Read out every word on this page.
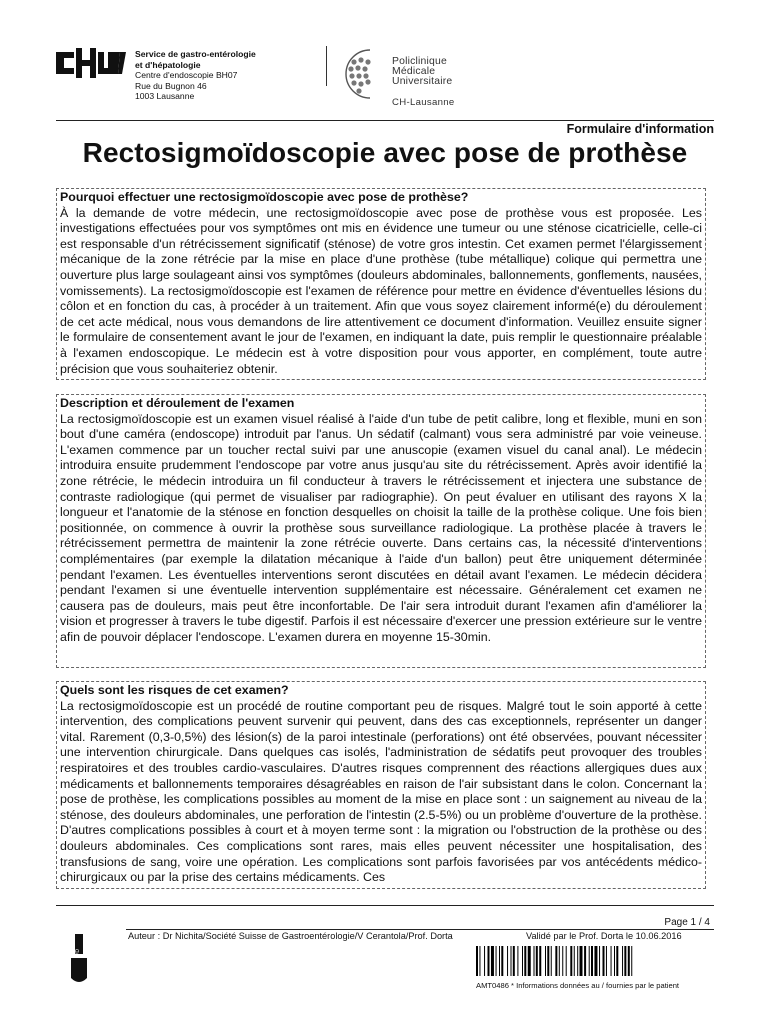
Service de gastro-entérologie
et d'hépatologie
Centre d'endoscopie BH07
Rue du Bugnon 46
1003 Lausanne
Policlinique
Médicale
Universitaire
CH-Lausanne
Formulaire d'information
Rectosigmoïdoscopie avec pose de prothèse
Pourquoi effectuer une rectosigmoïdoscopie avec pose de prothèse?

À la demande de votre médecin, une rectosigmoïdoscopie avec pose de prothèse vous est proposée. Les investigations effectuées pour vos symptômes ont mis en évidence une tumeur ou une sténose cicatricielle, celle-ci est responsable d'un rétrécissement significatif (sténose) de votre gros intestin. Cet examen permet l'élargissement mécanique de la zone rétrécie par la mise en place d'une prothèse (tube métallique) colique qui permettra une ouverture plus large soulageant ainsi vos symptômes (douleurs abdominales, ballonnements, gonflements, nausées, vomissements). La rectosigmoïdoscopie est l'examen de référence pour mettre en évidence d'éventuelles lésions du côlon et en fonction du cas, à procéder à un traitement. Afin que vous soyez clairement informé(e) du déroulement de cet acte médical, nous vous demandons de lire attentivement ce document d'information. Veuillez ensuite signer le formulaire de consentement avant le jour de l'examen, en indiquant la date, puis remplir le questionnaire préalable à l'examen endoscopique. Le médecin est à votre disposition pour vous apporter, en complément, toute autre précision que vous souhaiteriez obtenir.

Description et déroulement de l'examen

La rectosigmoïdoscopie est un examen visuel réalisé à l'aide d'un tube de petit calibre, long et flexible, muni en son bout d'une caméra (endoscope) introduit par l'anus. Un sédatif (calmant) vous sera administré par voie veineuse. L'examen commence par un toucher rectal suivi par une anuscopie (examen visuel du canal anal). Le médecin introduira ensuite prudemment l'endoscope par votre anus jusqu'au site du rétrécissement. Après avoir identifié la zone rétrécie, le médecin introduira un fil conducteur à travers le rétrécissement et injectera une substance de contraste radiologique (qui permet de visualiser par radiographie). On peut évaluer en utilisant des rayons X la longueur et l'anatomie de la sténose en fonction desquelles on choisit la taille de la prothèse colique. Une fois bien positionnée, on commence à ouvrir la prothèse sous surveillance radiologique. La prothèse placée à travers le rétrécissement permettra de maintenir la zone rétrécie ouverte. Dans certains cas, la nécessité d'interventions complémentaires (par exemple la dilatation mécanique à l'aide d'un ballon) peut être uniquement déterminée pendant l'examen. Les éventuelles interventions seront discutées en détail avant l'examen. Le médecin décidera pendant l'examen si une éventuelle intervention supplémentaire est nécessaire. Généralement cet examen ne causera pas de douleurs, mais peut être inconfortable. De l'air sera introduit durant l'examen afin d'améliorer la vision et progresser à travers le tube digestif. Parfois il est nécessaire d'exercer une pression extérieure sur le ventre afin de pouvoir déplacer l'endoscope. L'examen durera en moyenne 15-30min.

Quels sont les risques de cet examen?

La rectosigmoïdoscopie est un procédé de routine comportant peu de risques. Malgré tout le soin apporté à cette intervention, des complications peuvent survenir qui peuvent, dans des cas exceptionnels, représenter un danger vital. Rarement (0,3-0,5%) des lésion(s) de la paroi intestinale (perforations) ont été observées, pouvant nécessiter une intervention chirurgicale. Dans quelques cas isolés, l'administration de sédatifs peut provoquer des troubles respiratoires et des troubles cardio-vasculaires. D'autres risques comprennent des réactions allergiques dues aux médicaments et ballonnements temporaires désagréables en raison de l'air subsistant dans le colon. Concernant la pose de prothèse, les complications possibles au moment de la mise en place sont : un saignement au niveau de la sténose, des douleurs abdominales, une perforation de l'intestin (2.5-5%) ou un problème d'ouverture de la prothèse. D'autres complications possibles à court et à moyen terme sont : la migration ou l'obstruction de la prothèse ou des douleurs abdominales. Ces complications sont rares, mais elles peuvent nécessiter une hospitalisation, des transfusions de sang, voire une opération. Les complications sont parfois favorisées par vos antécédents médico-chirurgicaux ou par la prise des certains médicaments. Ces

Page 1 / 4
Auteur : Dr Nichita/Société Suisse de Gastroentérologie/V Cerantola/Prof. Dorta	Validé par le Prof. Dorta le 10.06.2016
VD
AMT0486 * Informations données au / fournies par le patient
